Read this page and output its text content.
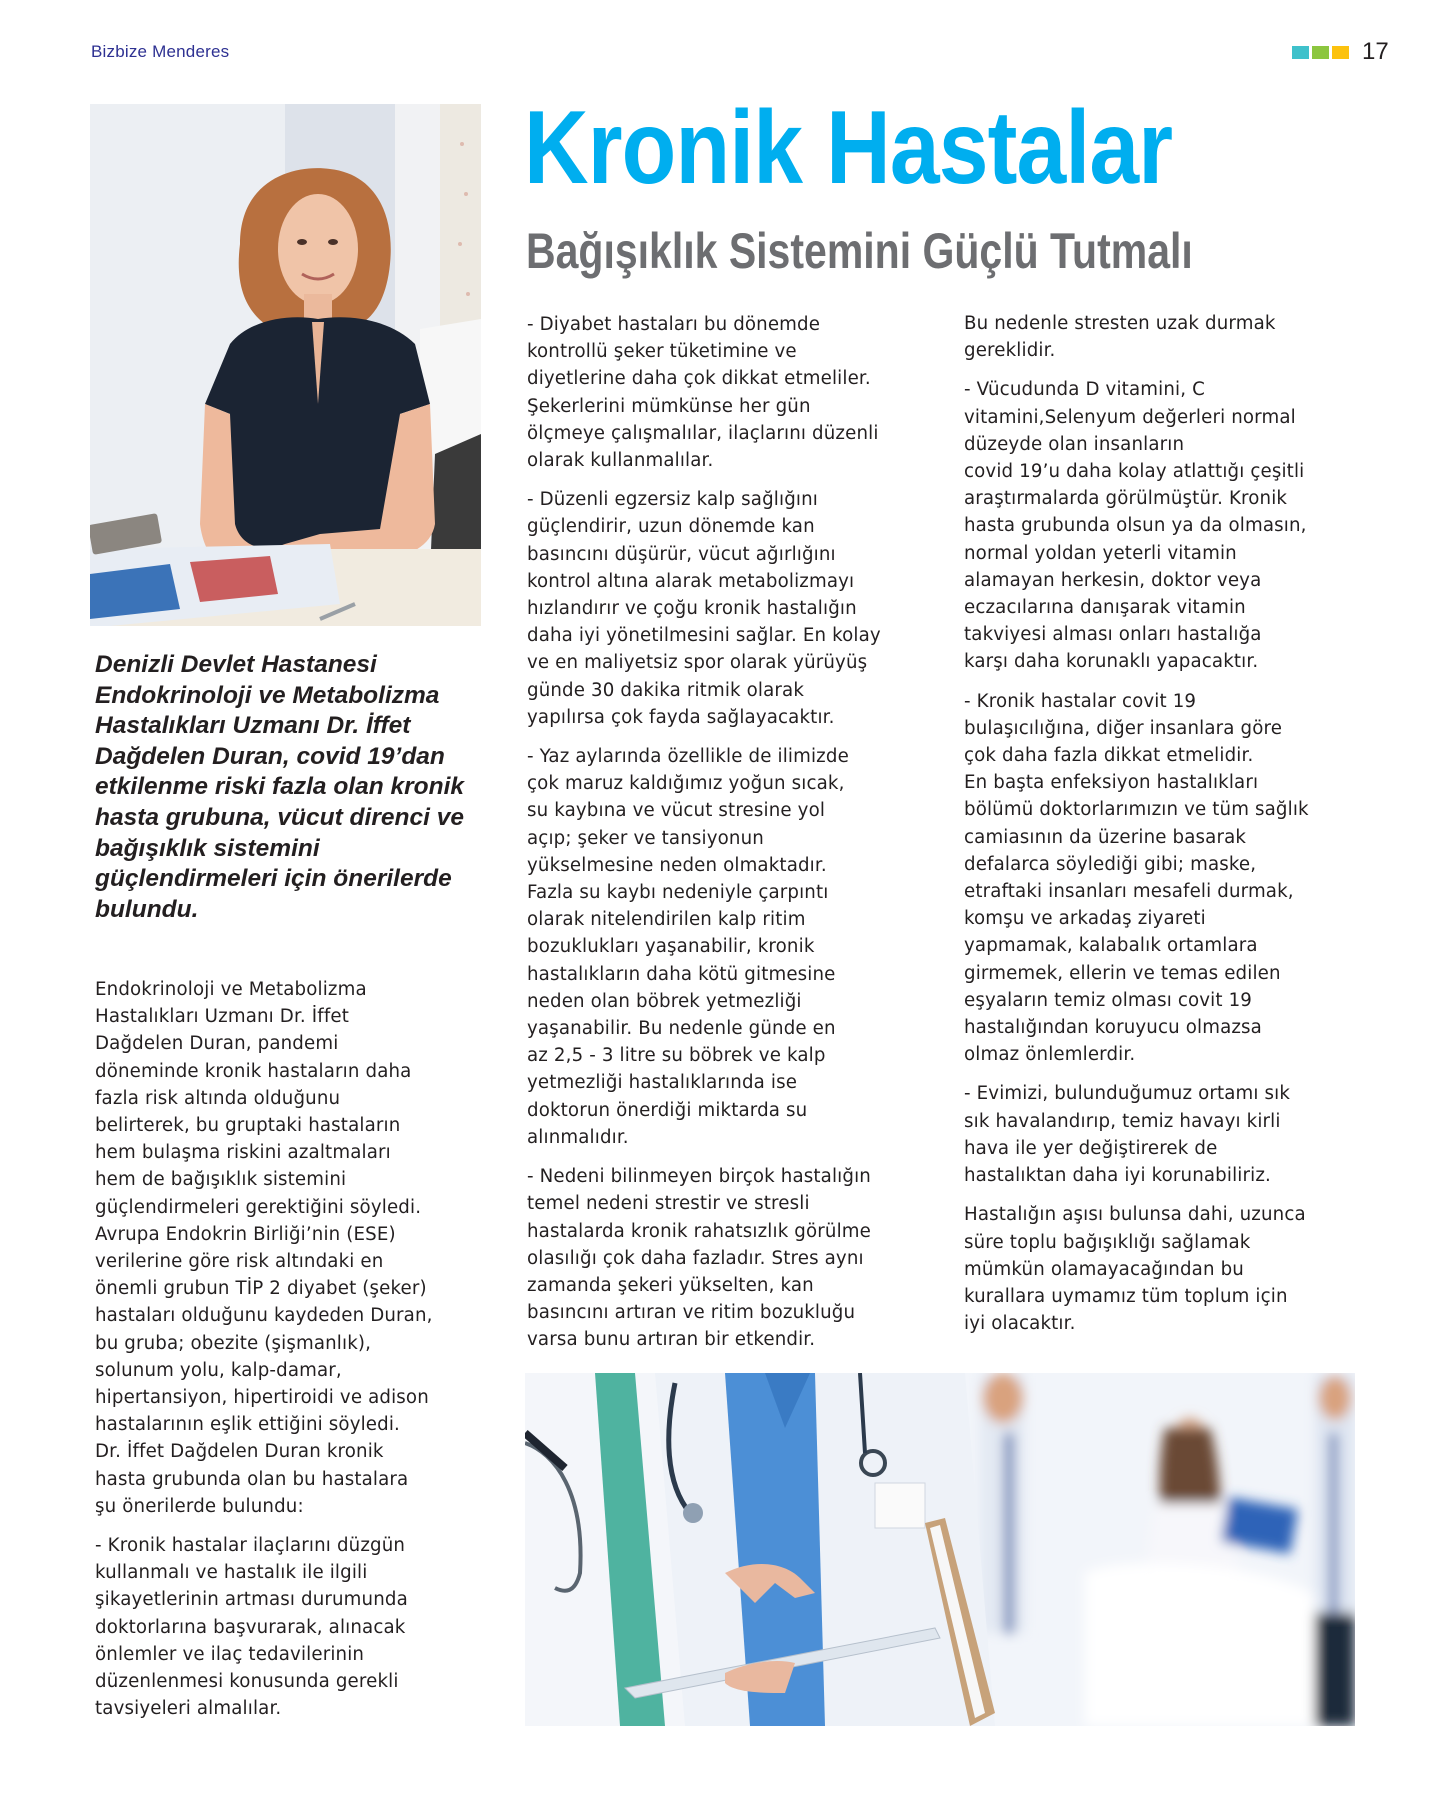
Bizbize Menderes	17
Kronik Hastalar
Bağışıklık Sistemini Güçlü Tutmalı
Denizli Devlet Hastanesi Endokrinoloji ve Metabolizma Hastalıkları Uzmanı Dr. İffet Dağdelen Duran, covid 19’dan etkilenme riski fazla olan kronik hasta grubuna, vücut direnci ve bağışıklık sistemini güçlendirmeleri için önerilerde bulundu.

Endokrinoloji ve Metabolizma
Hastalıkları Uzmanı Dr. İffet
Dağdelen Duran, pandemi
döneminde kronik hastaların daha
fazla risk altında olduğunu
belirterek, bu gruptaki hastaların
hem bulaşma riskini azaltmaları
hem de bağışıklık sistemini
güçlendirmeleri gerektiğini söyledi.
Avrupa Endokrin Birliği’nin (ESE)
verilerine göre risk altındaki en
önemli grubun TİP 2 diyabet (şeker)
hastaları olduğunu kaydeden Duran,
bu gruba; obezite (şişmanlık),
solunum yolu, kalp-damar,
hipertansiyon, hipertiroidi ve adison
hastalarının eşlik ettiğini söyledi.
Dr. İffet Dağdelen Duran kronik
hasta grubunda olan bu hastalara
şu önerilerde bulundu:

- Kronik hastalar ilaçlarını düzgün
kullanmalı ve hastalık ile ilgili
şikayetlerinin artması durumunda
doktorlarına başvurarak, alınacak
önlemler ve ilaç tedavilerinin
düzenlenmesi konusunda gerekli
tavsiyeleri almalılar.

- Diyabet hastaları bu dönemde
kontrollü şeker tüketimine ve
diyetlerine daha çok dikkat etmeliler.
Şekerlerini mümkünse her gün
ölçmeye çalışmalılar, ilaçlarını düzenli
olarak kullanmalılar.

- Düzenli egzersiz kalp sağlığını
güçlendirir, uzun dönemde kan
basıncını düşürür, vücut ağırlığını
kontrol altına alarak metabolizmayı
hızlandırır ve çoğu kronik hastalığın
daha iyi yönetilmesini sağlar. En kolay
ve en maliyetsiz spor olarak yürüyüş
günde 30 dakika ritmik olarak
yapılırsa çok fayda sağlayacaktır.

- Yaz aylarında özellikle de ilimizde
çok maruz kaldığımız yoğun sıcak,
su kaybına ve vücut stresine yol
açıp; şeker ve tansiyonun
yükselmesine neden olmaktadır.
Fazla su kaybı nedeniyle çarpıntı
olarak nitelendirilen kalp ritim
bozuklukları yaşanabilir, kronik
hastalıkların daha kötü gitmesine
neden olan böbrek yetmezliği
yaşanabilir. Bu nedenle günde en
az 2,5 - 3 litre su böbrek ve kalp
yetmezliği hastalıklarında ise
doktorun önerdiği miktarda su
alınmalıdır.

- Nedeni bilinmeyen birçok hastalığın
temel nedeni strestir ve stresli
hastalarda kronik rahatsızlık görülme
olasılığı çok daha fazladır. Stres aynı
zamanda şekeri yükselten, kan
basıncını artıran ve ritim bozukluğu
varsa bunu artıran bir etkendir.

Bu nedenle stresten uzak durmak
gereklidir.

- Vücudunda D vitamini, C
vitamini,Selenyum değerleri normal
düzeyde olan insanların
covid 19’u daha kolay atlattığı çeşitli
araştırmalarda görülmüştür. Kronik
hasta grubunda olsun ya da olmasın,
normal yoldan yeterli vitamin
alamayan herkesin, doktor veya
eczacılarına danışarak vitamin
takviyesi alması onları hastalığa
karşı daha korunaklı yapacaktır.

- Kronik hastalar covit 19
bulaşıcılığına, diğer insanlara göre
çok daha fazla dikkat etmelidir.
En başta enfeksiyon hastalıkları
bölümü doktorlarımızın ve tüm sağlık
camiasının da üzerine basarak
defalarca söylediği gibi; maske,
etraftaki insanları mesafeli durmak,
komşu ve arkadaş ziyareti
yapmamak, kalabalık ortamlara
girmemek, ellerin ve temas edilen
eşyaların temiz olması covit 19
hastalığından koruyucu olmazsa
olmaz önlemlerdir.

- Evimizi, bulunduğumuz ortamı sık
sık havalandırıp, temiz havayı kirli
hava ile yer değiştirerek de
hastalıktan daha iyi korunabiliriz.

Hastalığın aşısı bulunsa dahi, uzunca
süre toplu bağışıklığı sağlamak
mümkün olamayacağından bu
kurallara uymamız tüm toplum için
iyi olacaktır.
